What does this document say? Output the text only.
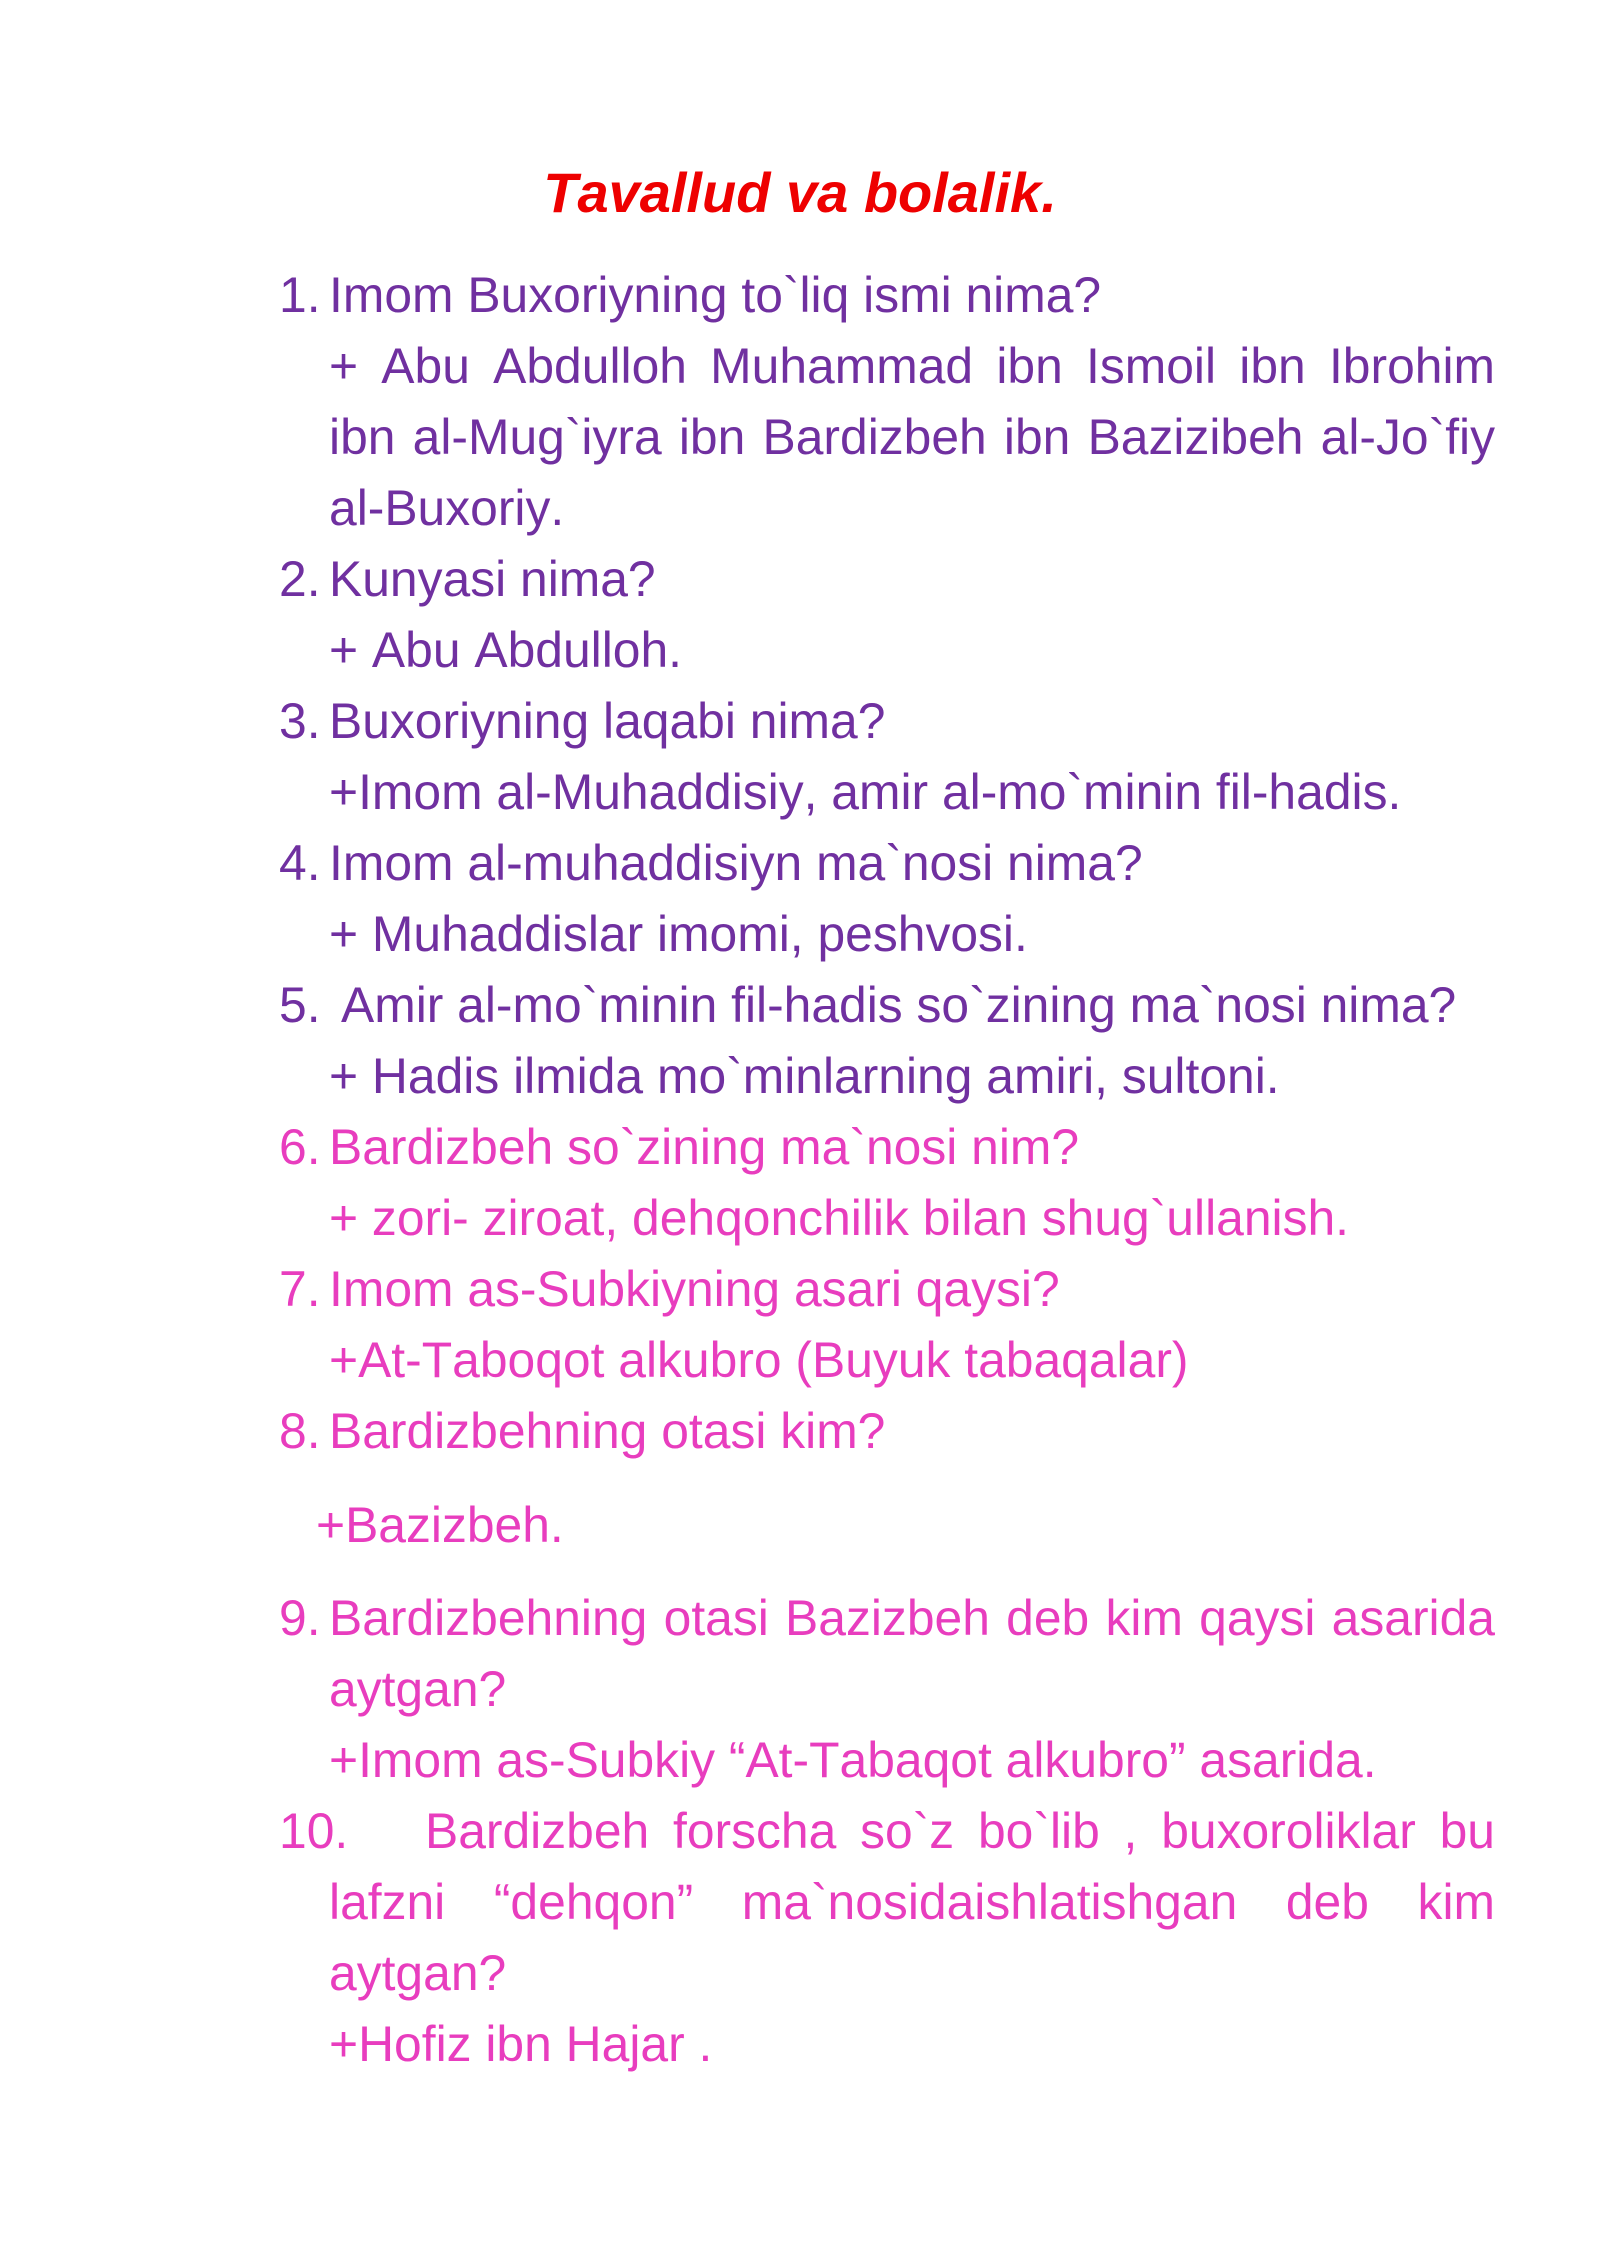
Tavallud va bolalik.
1. Imom Buxoriyning to`liq ismi nima?
+ Abu Abdulloh Muhammad ibn Ismoil ibn Ibrohim ibn al-Mug`iyra ibn Bardizbeh ibn Bazizibeh al-Jo`fiy al-Buxoriy.
2. Kunyasi nima?
+ Abu Abdulloh.
3. Buxoriyning laqabi nima?
+Imom al-Muhaddisiy, amir al-mo`minin fil-hadis.
4. Imom al-muhaddisiyn ma`nosi nima?
+ Muhaddislar imomi, peshvosi.
5. Amir al-mo`minin fil-hadis so`zining ma`nosi nima?
+ Hadis ilmida mo`minlarning amiri, sultoni.
6. Bardizbeh so`zining ma`nosi nim?
+ zori- ziroat, dehqonchilik bilan shug`ullanish.
7. Imom as-Subkiyning asari qaysi?
+At-Taboqot alkubro (Buyuk tabaqalar)
8. Bardizbehning otasi kim?
+Bazizbeh.
9. Bardizbehning otasi Bazizbeh deb kim qaysi asarida aytgan?
+Imom as-Subkiy “At-Tabaqot alkubro” asarida.
10.	Bardizbeh forscha so`z bo`lib , buxoroliklar bu lafzni “dehqon” ma`nosidaishlatishgan deb kim aytgan?
+Hofiz ibn Hajar .
